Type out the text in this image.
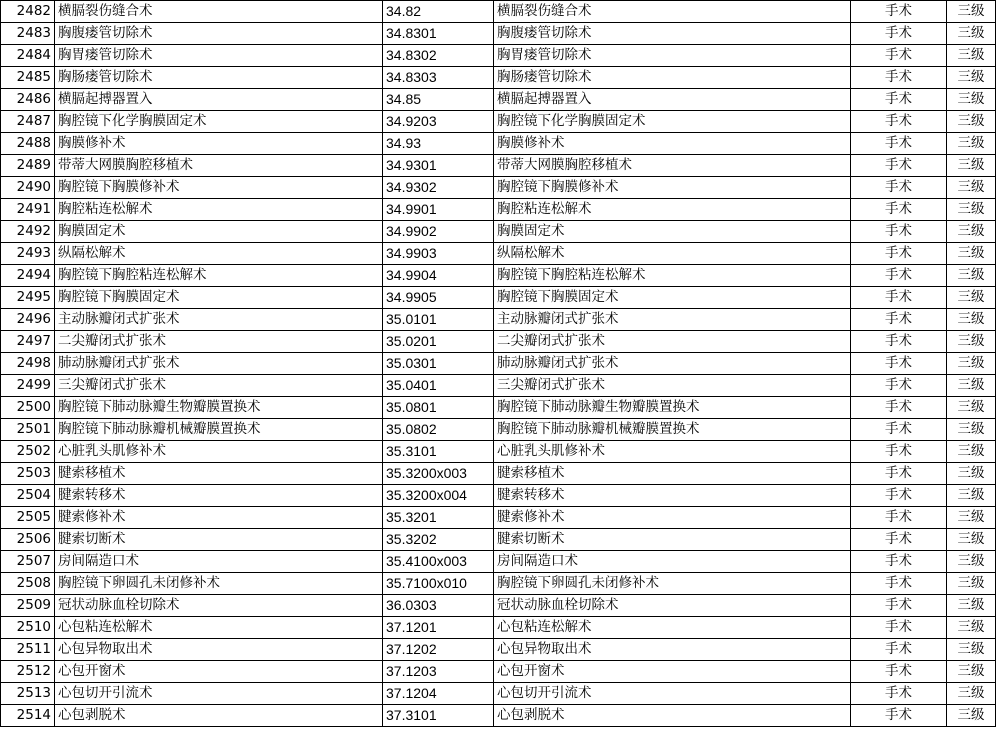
2482	横膈裂伤缝合术	34.82	横膈裂伤缝合术	手术	三级
2483	胸腹瘘管切除术	34.8301	胸腹瘘管切除术	手术	三级
2484	胸胃瘘管切除术	34.8302	胸胃瘘管切除术	手术	三级
2485	胸肠瘘管切除术	34.8303	胸肠瘘管切除术	手术	三级
2486	横膈起搏器置入	34.85	横膈起搏器置入	手术	三级
2487	胸腔镜下化学胸膜固定术	34.9203	胸腔镜下化学胸膜固定术	手术	三级
2488	胸膜修补术	34.93	胸膜修补术	手术	三级
2489	带蒂大网膜胸腔移植术	34.9301	带蒂大网膜胸腔移植术	手术	三级
2490	胸腔镜下胸膜修补术	34.9302	胸腔镜下胸膜修补术	手术	三级
2491	胸腔粘连松解术	34.9901	胸腔粘连松解术	手术	三级
2492	胸膜固定术	34.9902	胸膜固定术	手术	三级
2493	纵隔松解术	34.9903	纵隔松解术	手术	三级
2494	胸腔镜下胸腔粘连松解术	34.9904	胸腔镜下胸腔粘连松解术	手术	三级
2495	胸腔镜下胸膜固定术	34.9905	胸腔镜下胸膜固定术	手术	三级
2496	主动脉瓣闭式扩张术	35.0101	主动脉瓣闭式扩张术	手术	三级
2497	二尖瓣闭式扩张术	35.0201	二尖瓣闭式扩张术	手术	三级
2498	肺动脉瓣闭式扩张术	35.0301	肺动脉瓣闭式扩张术	手术	三级
2499	三尖瓣闭式扩张术	35.0401	三尖瓣闭式扩张术	手术	三级
2500	胸腔镜下肺动脉瓣生物瓣膜置换术	35.0801	胸腔镜下肺动脉瓣生物瓣膜置换术	手术	三级
2501	胸腔镜下肺动脉瓣机械瓣膜置换术	35.0802	胸腔镜下肺动脉瓣机械瓣膜置换术	手术	三级
2502	心脏乳头肌修补术	35.3101	心脏乳头肌修补术	手术	三级
2503	腱索移植术	35.3200x003	腱索移植术	手术	三级
2504	腱索转移术	35.3200x004	腱索转移术	手术	三级
2505	腱索修补术	35.3201	腱索修补术	手术	三级
2506	腱索切断术	35.3202	腱索切断术	手术	三级
2507	房间隔造口术	35.4100x003	房间隔造口术	手术	三级
2508	胸腔镜下卵圆孔未闭修补术	35.7100x010	胸腔镜下卵圆孔未闭修补术	手术	三级
2509	冠状动脉血栓切除术	36.0303	冠状动脉血栓切除术	手术	三级
2510	心包粘连松解术	37.1201	心包粘连松解术	手术	三级
2511	心包异物取出术	37.1202	心包异物取出术	手术	三级
2512	心包开窗术	37.1203	心包开窗术	手术	三级
2513	心包切开引流术	37.1204	心包切开引流术	手术	三级
2514	心包剥脱术	37.3101	心包剥脱术	手术	三级
